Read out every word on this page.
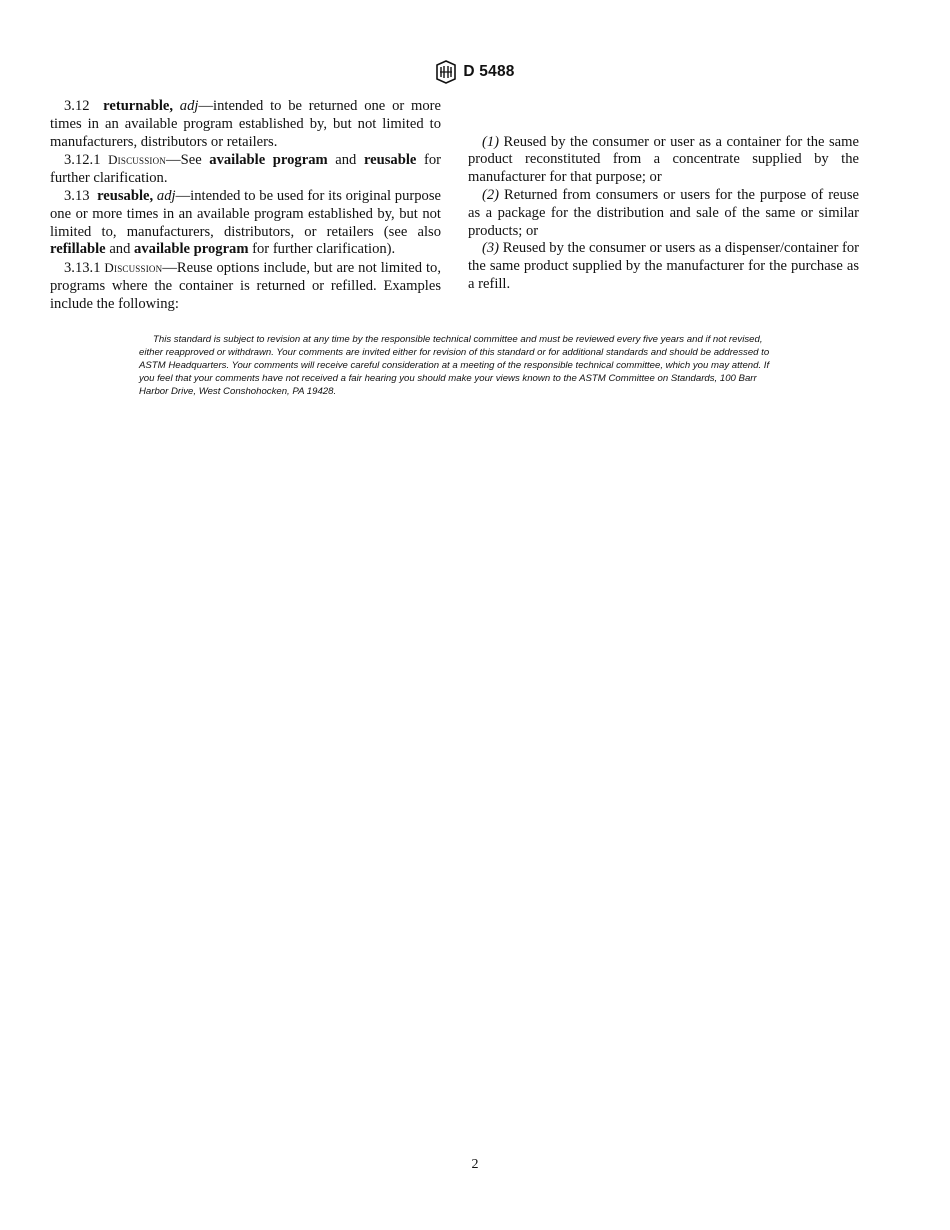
D 5488

3.12 returnable, adj—intended to be returned one or more times in an available program established by, but not limited to manufacturers, distributors or retailers.

3.12.1 Discussion—See available program and reusable for further clarification.

3.13 reusable, adj—intended to be used for its original purpose one or more times in an available program established by, but not limited to, manufacturers, distributors, or retailers (see also refillable and available program for further clarification).

3.13.1 Discussion—Reuse options include, but are not limited to, programs where the container is returned or refilled. Examples include the following:

(1) Reused by the consumer or user as a container for the same product reconstituted from a concentrate supplied by the manufacturer for that purpose; or

(2) Returned from consumers or users for the purpose of reuse as a package for the distribution and sale of the same or similar products; or

(3) Reused by the consumer or users as a dispenser/container for the same product supplied by the manufacturer for the purchase as a refill.

This standard is subject to revision at any time by the responsible technical committee and must be reviewed every five years and if not revised, either reapproved or withdrawn. Your comments are invited either for revision of this standard or for additional standards and should be addressed to ASTM Headquarters. Your comments will receive careful consideration at a meeting of the responsible technical committee, which you may attend. If you feel that your comments have not received a fair hearing you should make your views known to the ASTM Committee on Standards, 100 Barr Harbor Drive, West Conshohocken, PA 19428.
2
